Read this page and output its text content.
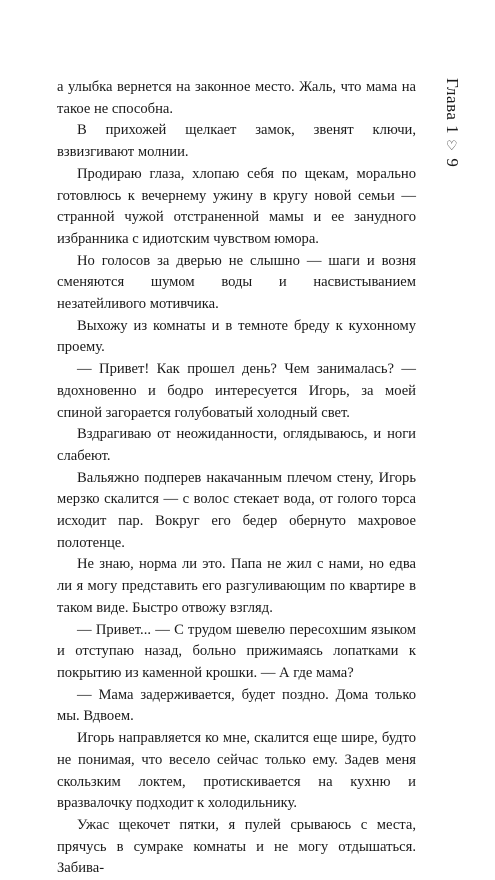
Глава 1
♡
9

а улыбка вернется на законное место. Жаль, что мама на такое не способна.

В прихожей щелкает замок, звенят ключи, взвизгивают молнии.

Продираю глаза, хлопаю себя по щекам, морально готовлюсь к вечернему ужину в кругу новой семьи — странной чужой отстраненной мамы и ее занудного избранника с идиотским чувством юмора.

Но голосов за дверью не слышно — шаги и возня сменяются шумом воды и насвистыванием незатейливого мотивчика.

Выхожу из комнаты и в темноте бреду к кухонному проему.

— Привет! Как прошел день? Чем занималась? — вдохновенно и бодро интересуется Игорь, за моей спиной загорается голубоватый холодный свет.

Вздрагиваю от неожиданности, оглядываюсь, и ноги слабеют.

Вальяжно подперев накачанным плечом стену, Игорь мерзко скалится — с волос стекает вода, от голого торса исходит пар. Вокруг его бедер обернуто махровое полотенце.

Не знаю, норма ли это. Папа не жил с нами, но едва ли я могу представить его разгуливающим по квартире в таком виде. Быстро отвожу взгляд.

— Привет... — С трудом шевелю пересохшим языком и отступаю назад, больно прижимаясь лопатками к покрытию из каменной крошки. — А где мама?

— Мама задерживается, будет поздно. Дома только мы. Вдвоем.

Игорь направляется ко мне, скалится еще шире, будто не понимая, что весело сейчас только ему. Задев меня скользким локтем, протискивается на кухню и вразвалочку подходит к холодильнику.

Ужас щекочет пятки, я пулей срываюсь с места, прячусь в сумраке комнаты и не могу отдышаться. Забива-
